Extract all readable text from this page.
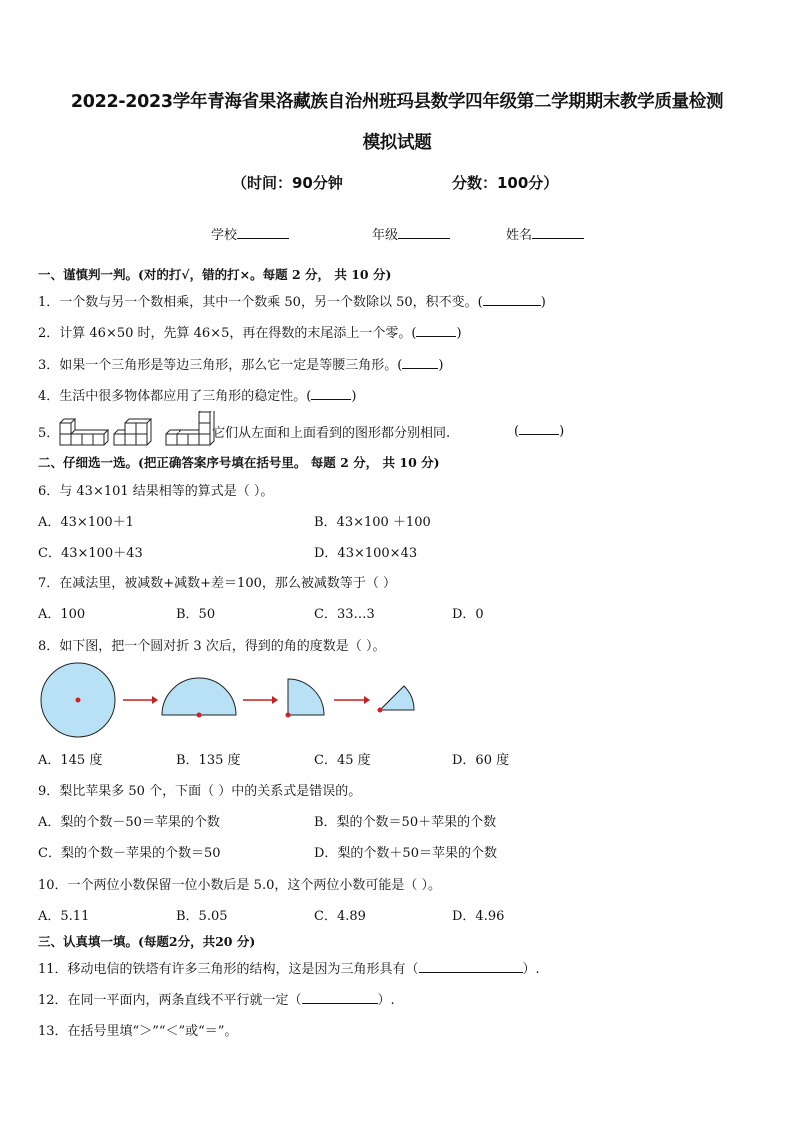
2022-2023学年青海省果洛藏族自治州班玛县数学四年级第二学期期末教学质量检测
模拟试题
（时间：90分钟	分数：100分）
学校	年级	姓名
一、谨慎判一判。(对的打√，错的打×。每题 2 分， 共 10 分)
1．一个数与另一个数相乘，其中一个数乘 50，另一个数除以 50，积不变。(	)
2．计算 46×50 时，先算 46×5，再在得数的末尾添上一个零。(	)
3．如果一个三角形是等边三角形，那么它一定是等腰三角形。(	)
4．生活中很多物体都应用了三角形的稳定性。(	)
5．	它们从左面和上面看到的图形都分别相同.	(	)
二、仔细选一选。(把正确答案序号填在括号里。 每题 2 分， 共 10 分)
6．与 43×101 结果相等的算式是（ ）。
A．43×100＋1	B．43×100 ＋100
C．43×100＋43	D．43×100×43
7．在减法里，被减数+减数+差＝100，那么被减数等于（ ）
A．100	B．50	C．33…3	D．0
8．如下图，把一个圆对折 3 次后，得到的角的度数是（ ）。
A．145 度	B．135 度	C．45 度	D．60 度
9．梨比苹果多 50 个，下面（ ）中的关系式是错误的。
A．梨的个数－50＝苹果的个数	B．梨的个数＝50＋苹果的个数
C．梨的个数－苹果的个数＝50	D．梨的个数＋50＝苹果的个数
10．一个两位小数保留一位小数后是 5.0，这个两位小数可能是（ ）。
A．5.11	B．5.05	C．4.89	D．4.96
三、认真填一填。(每题2分，共20 分)
11．移动电信的铁塔有许多三角形的结构，这是因为三角形具有（	）.
12．在同一平面内，两条直线不平行就一定（	）.
13．在括号里填“＞”“＜”或“＝”。
